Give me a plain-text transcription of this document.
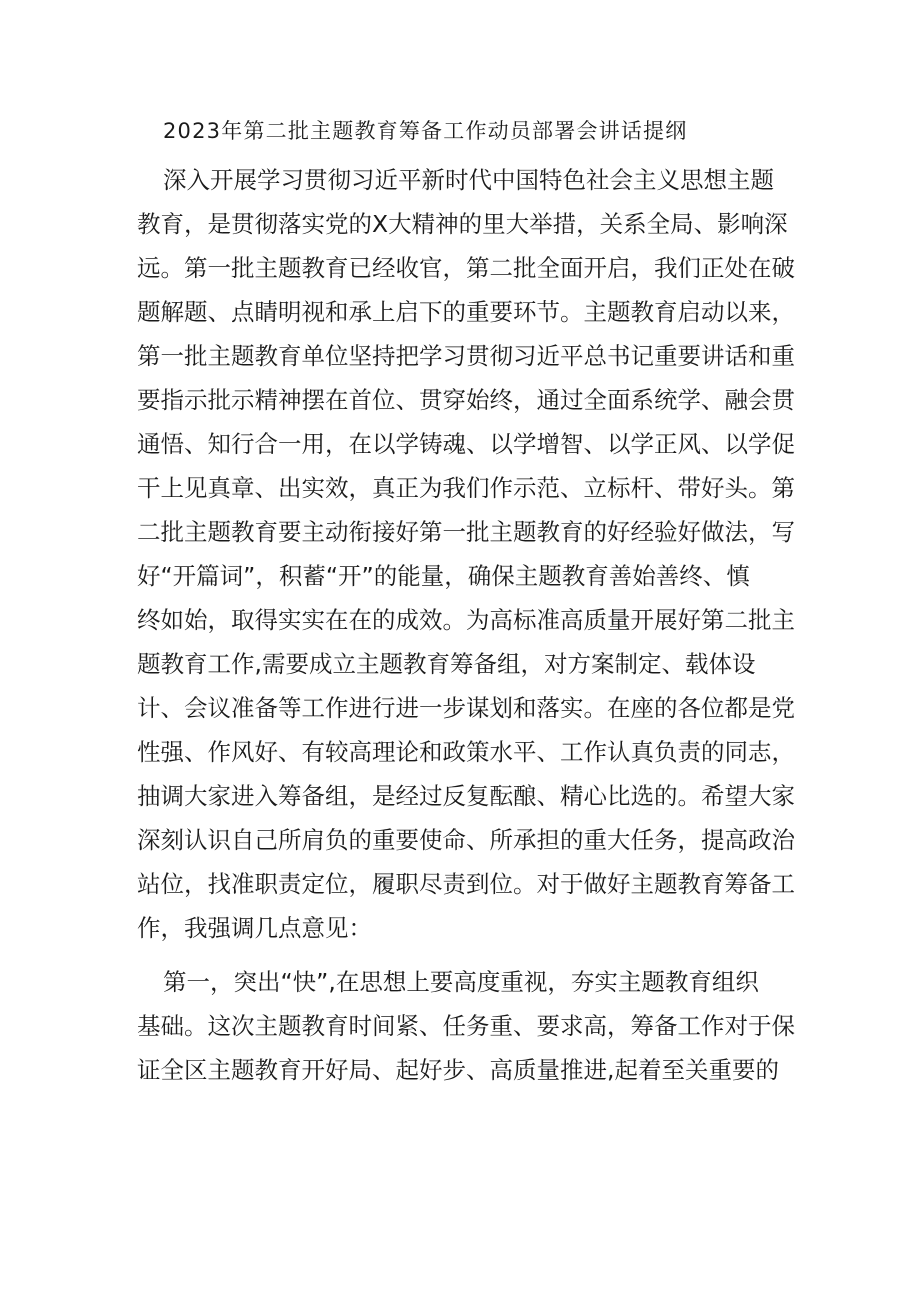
2023年第二批主题教育筹备工作动员部署会讲话提纲
深入开展学习贯彻习近平新时代中国特色社会主义思想主题
教育，是贯彻落实党的X大精神的里大举措，关系全局、影响深
远。第一批主题教育已经收官，第二批全面开启，我们正处在破
题解题、点睛明视和承上启下的重要环节。主题教育启动以来，
第一批主题教育单位坚持把学习贯彻习近平总书记重要讲话和重
要指示批示精神摆在首位、贯穿始终，通过全面系统学、融会贯
通悟、知行合一用，在以学铸魂、以学增智、以学正风、以学促
干上见真章、出实效，真正为我们作示范、立标杆、带好头。第
二批主题教育要主动衔接好第一批主题教育的好经验好做法，写
好“开篇词”，积蓄“开”的能量，确保主题教育善始善终、慎
终如始，取得实实在在的成效。为高标准高质量开展好第二批主
题教育工作,需要成立主题教育筹备组，对方案制定、载体设
计、会议准备等工作进行进一步谋划和落实。在座的各位都是党
性强、作风好、有较高理论和政策水平、工作认真负责的同志，
抽调大家进入筹备组，是经过反复酝酿、精心比选的。希望大家
深刻认识自己所肩负的重要使命、所承担的重大任务，提高政治
站位，找准职责定位，履职尽责到位。对于做好主题教育筹备工
作，我强调几点意见：
第一，突出“快”,在思想上要高度重视，夯实主题教育组织
基础。这次主题教育时间紧、任务重、要求高，筹备工作对于保
证全区主题教育开好局、起好步、高质量推进,起着至关重要的
